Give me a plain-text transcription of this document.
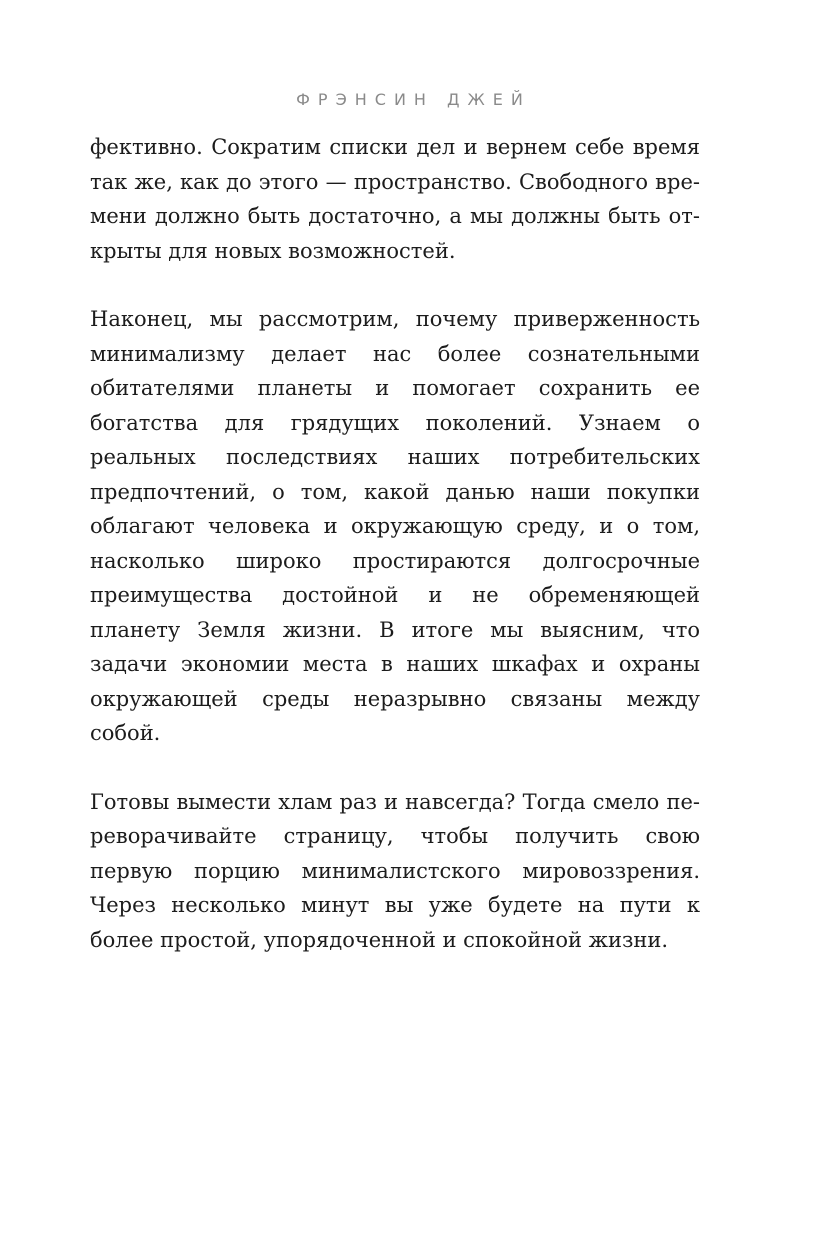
ФРЭНСИН ДЖЕЙ

фективно. Сократим списки дел и вернем себе время так же, как до этого — пространство. Свободного времени должно быть достаточно, а мы должны быть открыты для новых возможностей.

Наконец, мы рассмотрим, почему приверженность минимализму делает нас более сознательными обитателями планеты и помогает сохранить ее богатства для грядущих поколений. Узнаем о реальных последствиях наших потребительских предпочтений, о том, какой данью наши покупки облагают человека и окружающую среду, и о том, насколько широко простираются долгосрочные преимущества достойной и не обременяющей планету Земля жизни. В итоге мы выясним, что задачи экономии места в наших шкафах и охраны окружающей среды неразрывно связаны между собой.

Готовы вымести хлам раз и навсегда? Тогда смело переворачивайте страницу, чтобы получить свою первую порцию минималистского мировоззрения. Через несколько минут вы уже будете на пути к более простой, упорядоченной и спокойной жизни.
